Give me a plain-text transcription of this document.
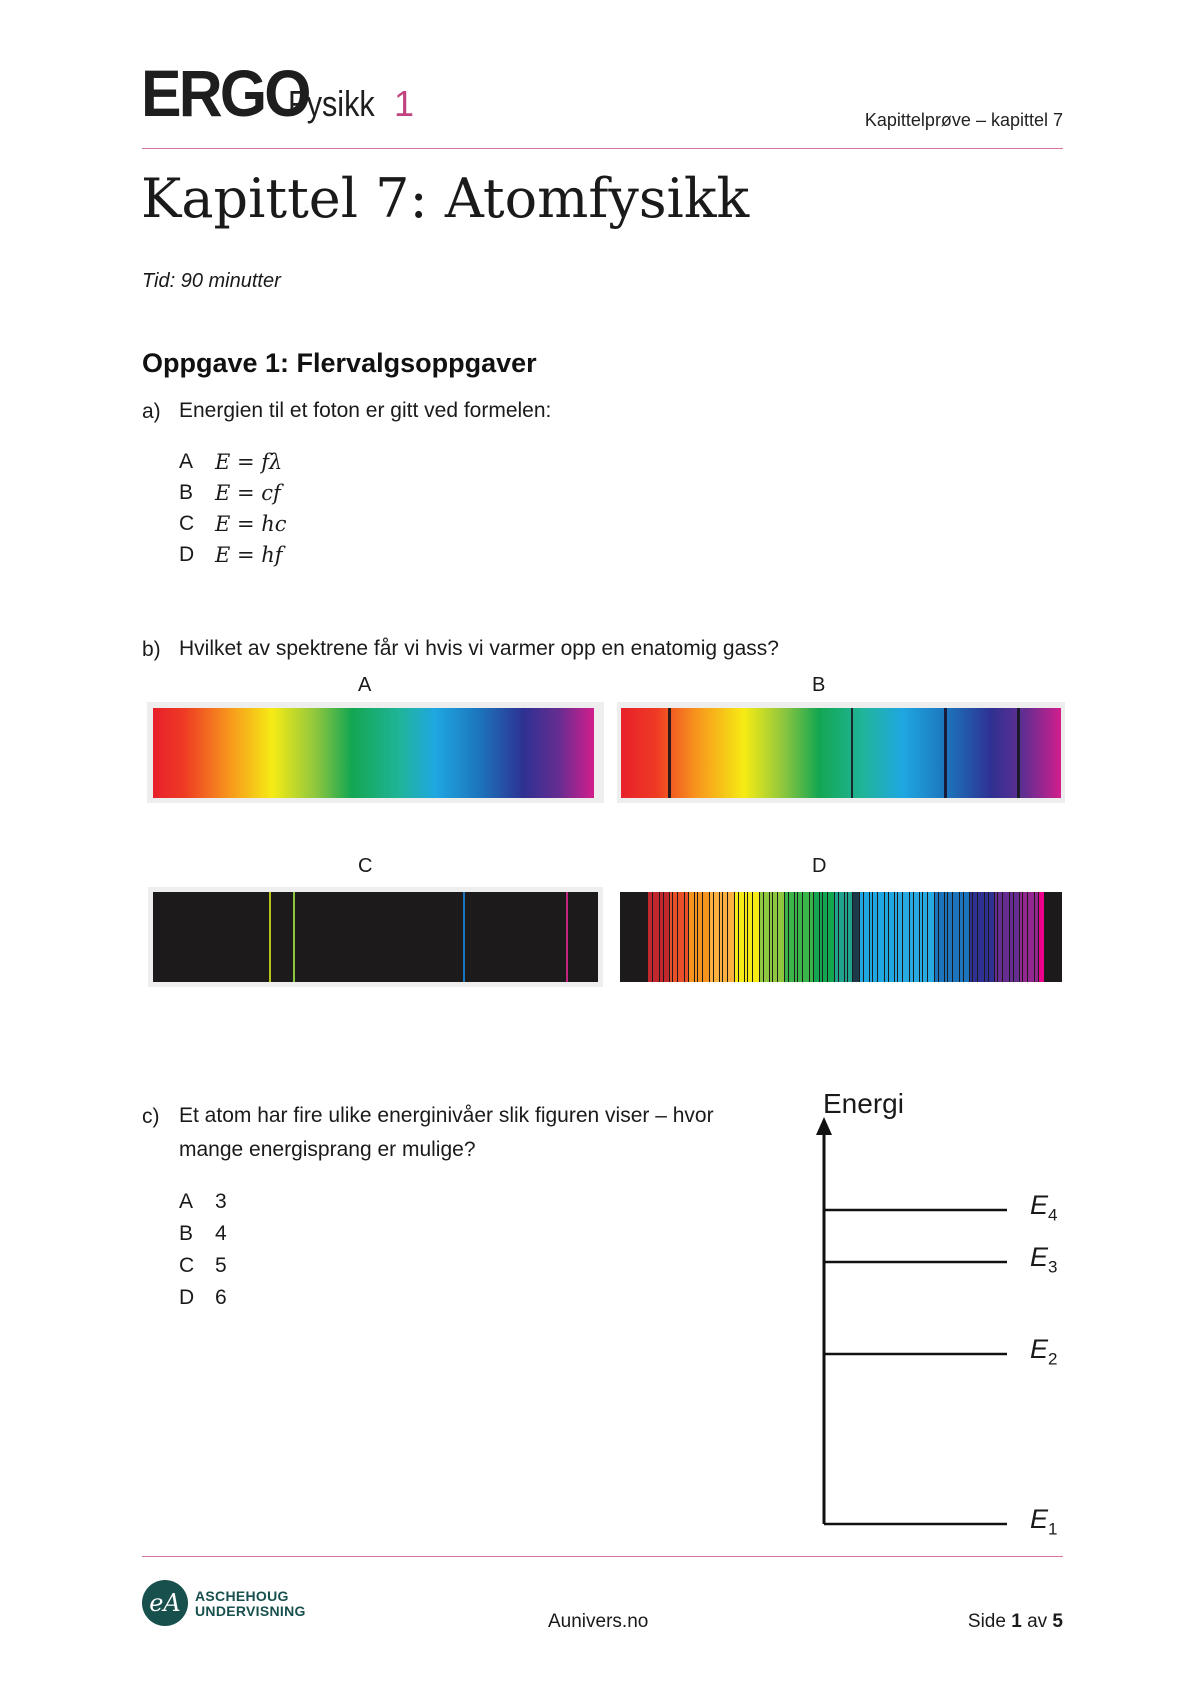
ERGO
Fysikk 1	Kapittelprøve – kapittel 7
Kapittel 7: Atomfysikk
Tid: 90 minutter
Oppgave 1: Flervalgsoppgaver
a) Energien til et foton er gitt ved formelen:
A E = fλ
B E = cf
C E = hc
D E = hf
b) Hvilket av spektrene får vi hvis vi varmer opp en enatomig gass?
A	B
C	D
c) Et atom har fire ulike energinivåer slik figuren viser – hvor
mange energisprang er mulige?
A 3
B 4
C 5
D 6
Energi
$E_4$
$E_3$
$E_2$
$E_1$
eA	ASCHEHOUG
UNDERVISNING	Aunivers.no	Side 1 av 5
